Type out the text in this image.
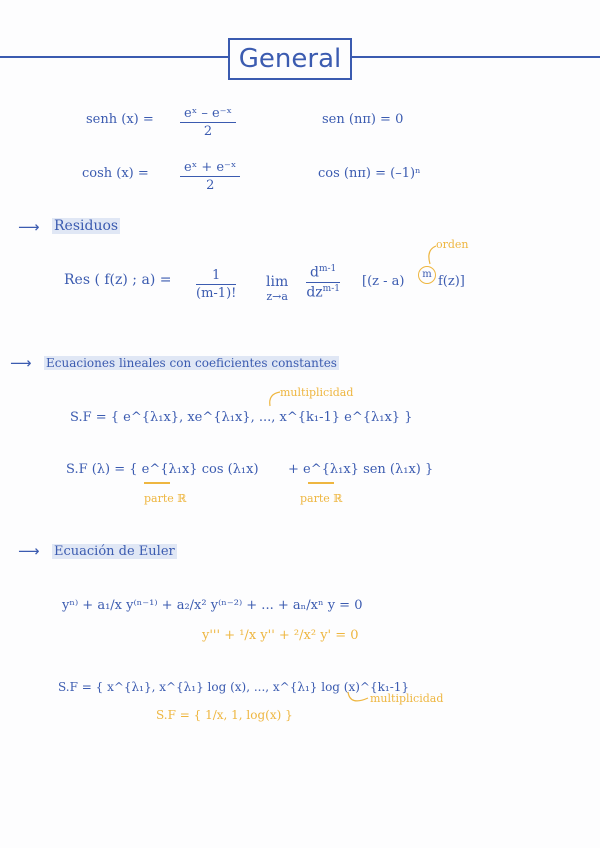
General
senh $(x) = \frac{\text{eˣ – e⁻ˣ}}{2}$	sen (nπ) = 0
$\cosh (x) = \frac{\text{eˣ + e⁻ˣ}}{2}$	cos (nπ) = (–1)ⁿ
⟶ Residuos
Res ( f(z) ; $a) = \frac{1}{(m-1)!}$ lim
z→a
$d^{m-1}$
$dz^{m-1}$ [(z - a)	m f(z)]
orden
⟶ Ecuaciones lineales con coeficientes constantes
multiplicidad
S.F = { e^{λ₁x}, xe^{λ₁x}, ..., x^{k₁-1} e^{λ₁x} }
S.F (λ) = { e^{λ₁x} cos (λ₁x) + e^{λ₁x} sen (λ₁x) }
parte ℝ	parte ℝ
⟶ Ecuación de Euler
yⁿ⁾ + a₁/x y⁽ⁿ⁻¹⁾ + a₂/x² y⁽ⁿ⁻²⁾ + ... + aₙ/xⁿ y = 0
y''' + ¹/x y'' + ²/x² y' = 0
S.F = { x^{λ₁}, x^{λ₁} log (x), ..., x^{λ₁} log (x)^{k₁-1}
multiplicidad
S.F = { 1/x, 1, log(x) }
